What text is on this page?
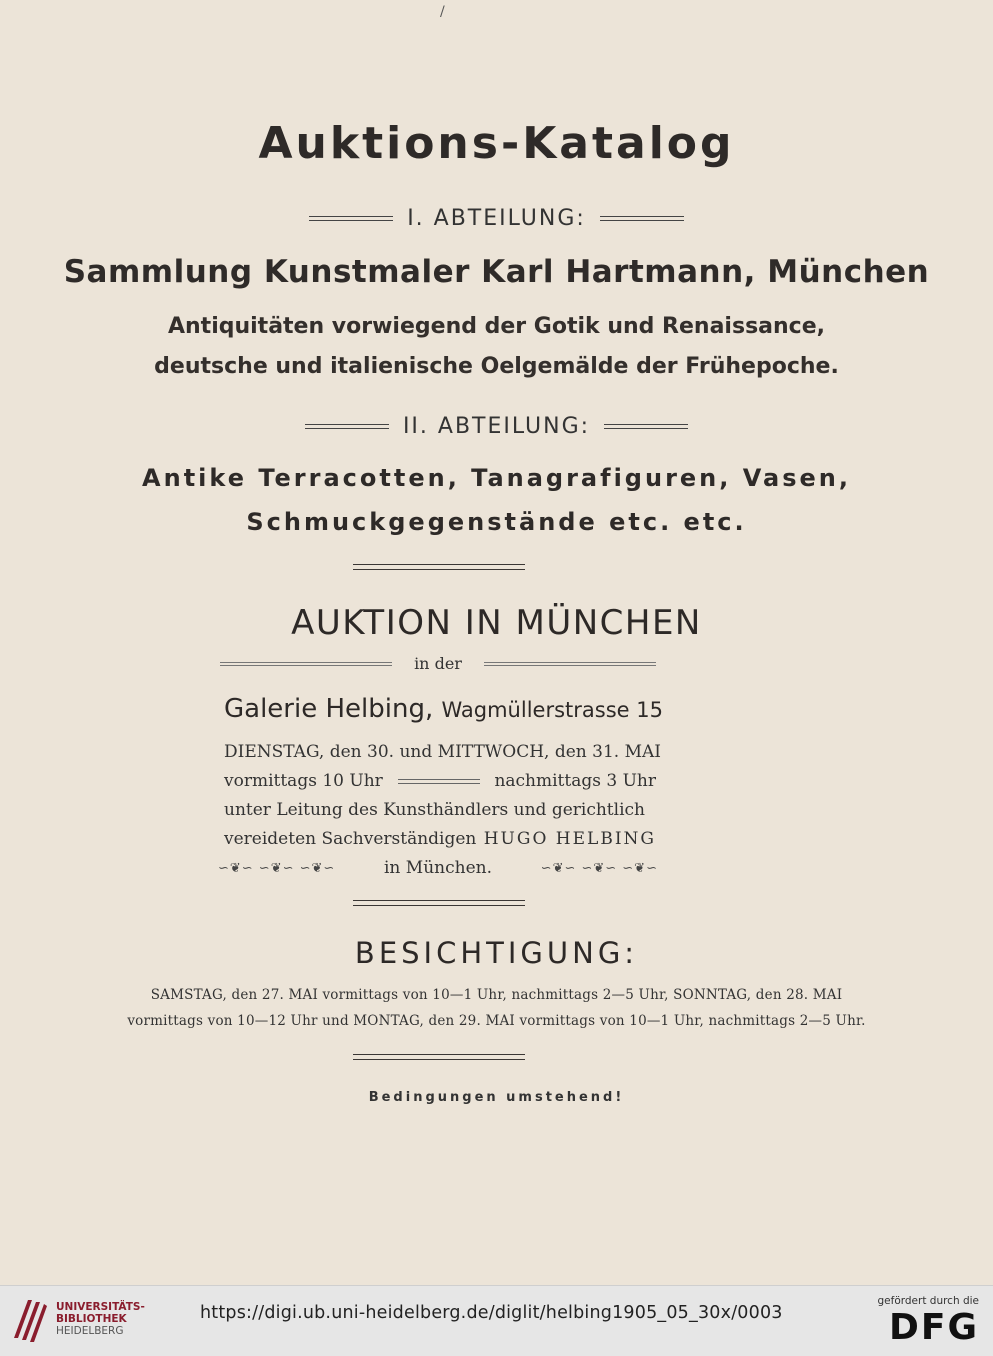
/
Auktions-Katalog
I. ABTEILUNG:
Sammlung Kunstmaler Karl Hartmann, München
Antiquitäten vorwiegend der Gotik und Renaissance,
deutsche und italienische Oelgemälde der Frühepoche.
II. ABTEILUNG:
Antike Terracotten, Tanagrafiguren, Vasen,
Schmuckgegenstände etc. etc.
AUKTION IN MÜNCHEN
in der
Galerie Helbing, Wagmüllerstrasse 15
DIENSTAG, den 30. und MITTWOCH, den 31. MAI
vormittags 10 Uhr	nachmittags 3 Uhr
unter Leitung des Kunsthändlers und gerichtlich
vereideten Sachverständigen HUGO HELBING
∽❦∽ ∽❦∽ ∽❦∽	in München.	∽❦∽ ∽❦∽ ∽❦∽
BESICHTIGUNG:
SAMSTAG, den 27. MAI vormittags von 10—1 Uhr, nachmittags 2—5 Uhr, SONNTAG, den 28. MAI
vormittags von 10—12 Uhr und MONTAG, den 29. MAI vormittags von 10—1 Uhr, nachmittags 2—5 Uhr.
Bedingungen umstehend!
UNIVERSITÄTS-
BIBLIOTHEK
HEIDELBERG
https://digi.ub.uni-heidelberg.de/diglit/helbing1905_05_30x/0003
gefördert durch die
DFG
